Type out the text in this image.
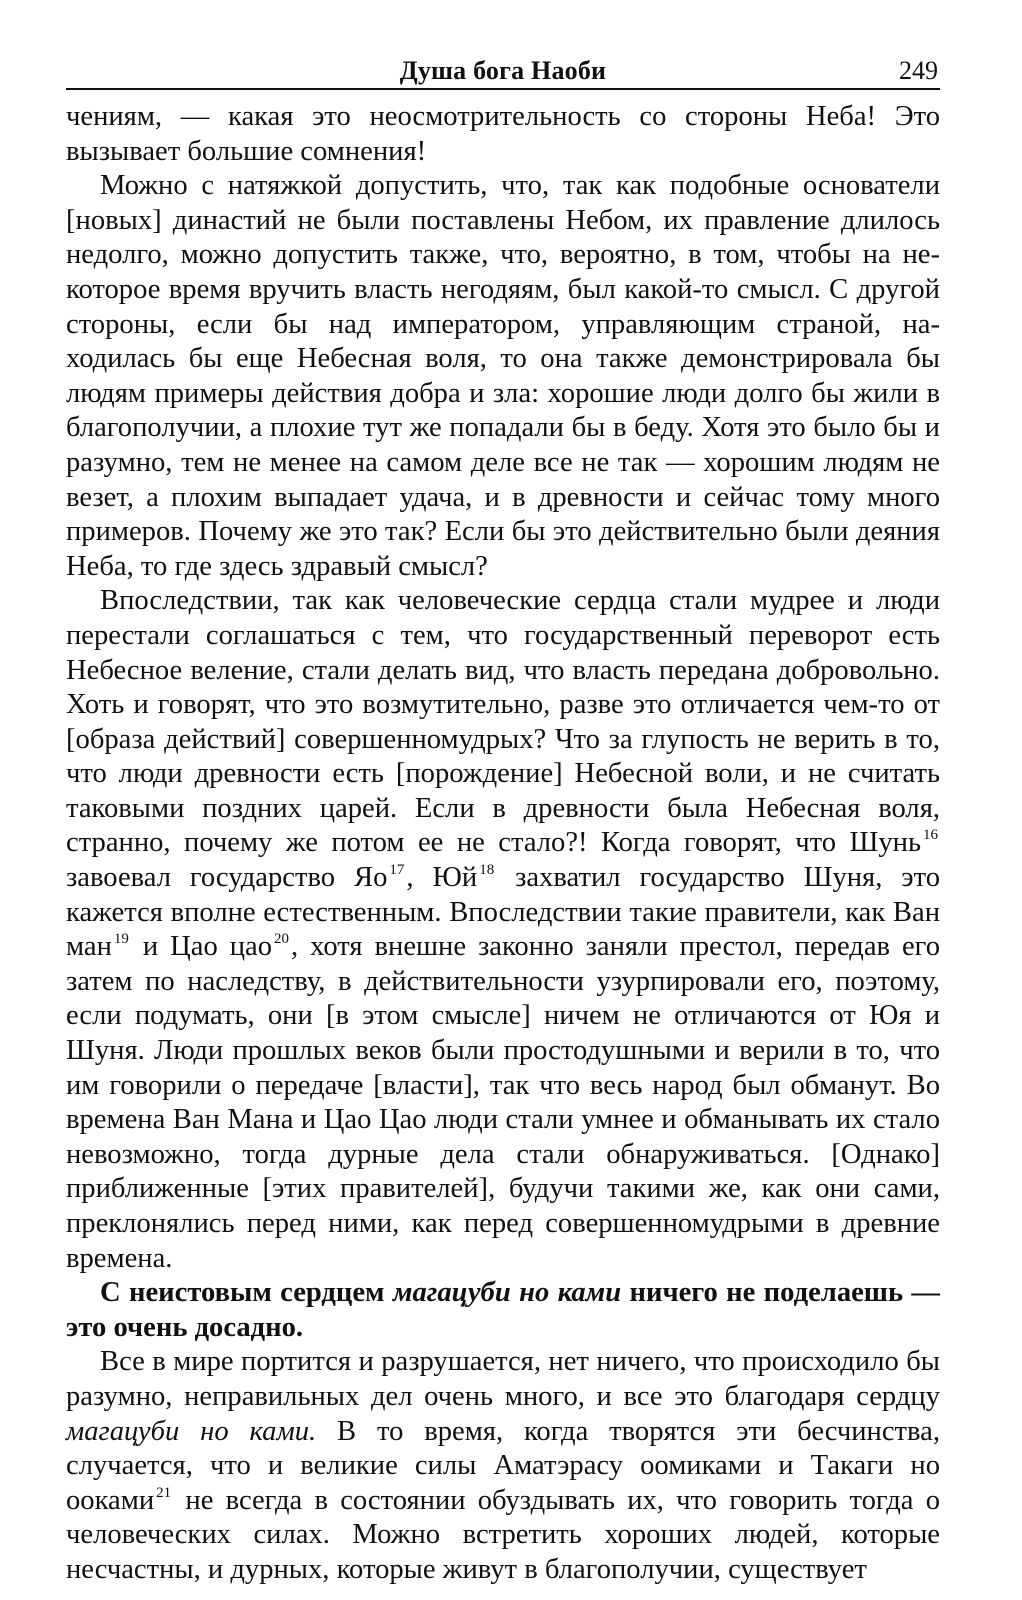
Душа бога Наоби	249

чениям, — какая это неосмотрительность со стороны Неба! Это вызывает большие сомнения!

Можно с натяжкой допустить, что, так как подобные основатели [новых] династий не были поставлены Небом, их правление длилось недолго, можно допустить также, что, вероятно, в том, чтобы на некоторое время вручить власть негодяям, был какой-то смысл. С другой стороны, если бы над императором, управляющим страной, находилась бы еще Небесная воля, то она также демонстрировала бы людям примеры действия добра и зла: хорошие люди долго бы жили в благополучии, а плохие тут же попадали бы в беду. Хотя это было бы и разумно, тем не менее на самом деле все не так — хорошим людям не везет, а плохим выпадает удача, и в древности и сейчас тому много примеров. Почему же это так? Если бы это действительно были деяния Неба, то где здесь здравый смысл?

Впоследствии, так как человеческие сердца стали мудрее и люди перестали соглашаться с тем, что государственный переворот есть Небесное веление, стали делать вид, что власть передана добровольно. Хоть и говорят, что это возмутительно, разве это отличается чем-то от [образа действий] совершенномудрых? Что за глупость не верить в то, что люди древности есть [порождение] Небесной воли, и не считать таковыми поздних царей. Если в древности была Небесная воля, странно, почему же потом ее не стало?! Когда говорят, что Шунь $^{16}$ завоевал государство Яо $^{17}$, Юй $^{18}$ захватил государство Шуня, это кажется вполне естественным. Впоследствии такие правители, как Ван ман $^{19}$ и Цао цао $^{20}$, хотя внешне законно заняли престол, передав его затем по наследству, в действительности узурпировали его, поэтому, если подумать, они [в этом смысле] ничем не отличаются от Юя и Шуня. Люди прошлых веков были простодушными и верили в то, что им говорили о передаче [власти], так что весь народ был обманут. Во времена Ван Мана и Цао Цао люди стали умнее и обманывать их стало невозможно, тогда дурные дела стали обнаруживаться. [Однако] приближенные [этих правителей], будучи такими же, как они сами, преклонялись перед ними, как перед совершенномудрыми в древние времена.

С неистовым сердцем магацуби но ками ничего не поделаешь — это очень досадно.

Все в мире портится и разрушается, нет ничего, что происходило бы разумно, неправильных дел очень много, и все это благодаря сердцу магацуби но ками. В то время, когда творятся эти бесчинства, случается, что и великие силы Аматэрасу оомиками и Такаги но ооками $^{21}$ не всегда в состоянии обуздывать их, что говорить тогда о человеческих силах. Можно встретить хороших людей, которые несчастны, и дурных, которые живут в благополучии, существует
